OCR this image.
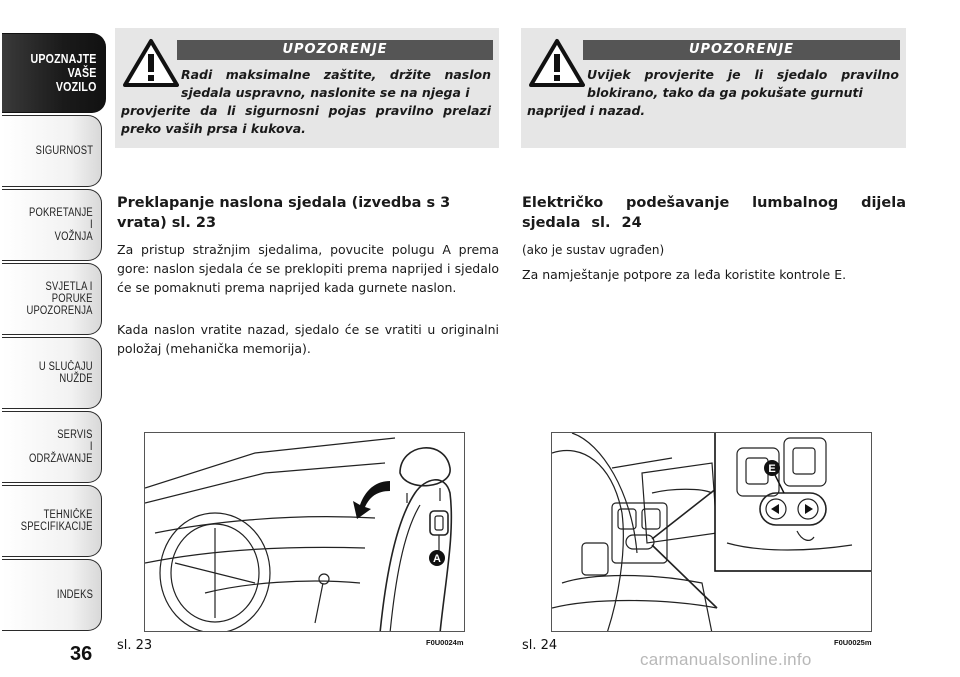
UPOZNAJTE
VAŠE
VOZILO
SIGURNOST
POKRETANJE
I
VOŽNJA
SVJETLA I
PORUKE
UPOZORENJA
U SLUČAJU
NUŽDE
SERVIS
I
ODRŽAVANJE
TEHNIČKE
SPECIFIKACIJE
INDEKS
36
UPOZORENJE
Radi maksimalne zaštite, držite naslon sjedala uspravno, naslonite se na njega i
provjerite da li sigurnosni pojas pravilno prelazi preko vaših prsa i kukova.
UPOZORENJE
Uvijek provjerite je li sjedalo pravilno blokirano, tako da ga pokušate gurnuti
naprijed i nazad.
Preklapanje naslona sjedala (izvedba s 3 vrata) sl. 23
Za pristup stražnjim sjedalima, povucite polugu A prema gore: naslon sjedala će se preklopiti prema naprijed i sjedalo će se pomaknuti prema naprijed kada gurnete naslon.
Kada naslon vratite nazad, sjedalo će se vratiti u originalni položaj (mehanička memorija).
Električko podešavanje lumbalnog dijela sjedala sl. 24
(ako je sustav ugrađen)
Za namještanje potpore za leđa koristite kontrole E.
A
sl. 23	F0U0024m
E
sl. 24	F0U0025m
carmanualsonline.info
